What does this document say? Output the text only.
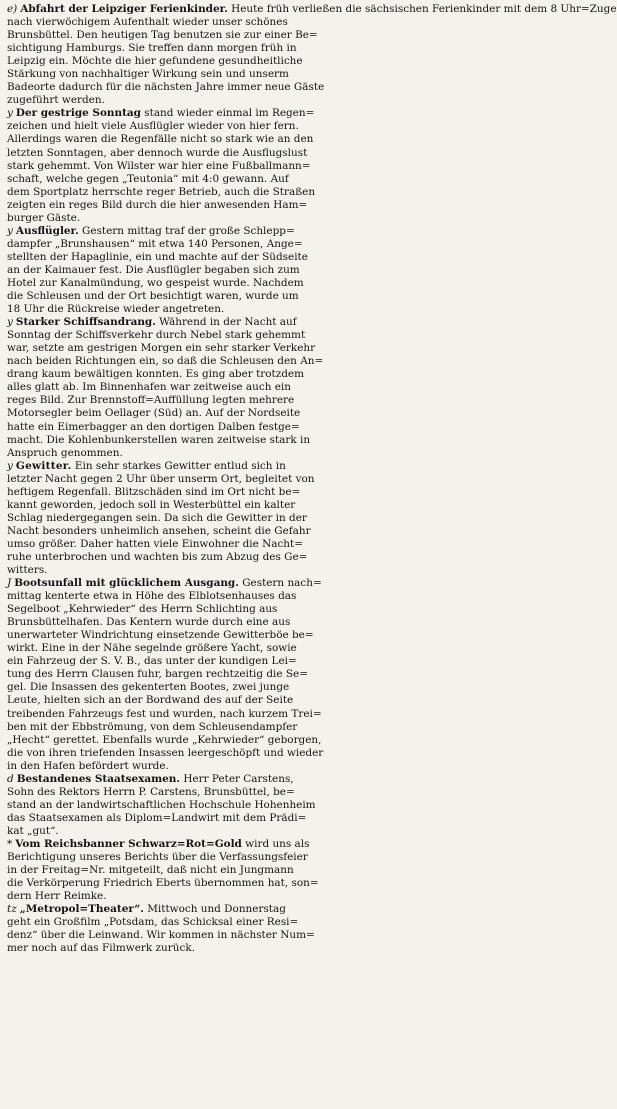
e) Abfahrt der Leipziger Ferienkinder. Heute früh verließen die sächsischen Ferienkinder mit dem 8 Uhr=Zuge
nach vierwöchigem Aufenthalt wieder unser schönes
Brunsbüttel. Den heutigen Tag benutzen sie zur einer Be=
sichtigung Hamburgs. Sie treffen dann morgen früh in
Leipzig ein. Möchte die hier gefundene gesundheitliche
Stärkung von nachhaltiger Wirkung sein und unserm
Badeorte dadurch für die nächsten Jahre immer neue Gäste
zugeführt werden.

y Der gestrige Sonntag stand wieder einmal im Regen=
zeichen und hielt viele Ausflügler wieder von hier fern.
Allerdings waren die Regenfälle nicht so stark wie an den
letzten Sonntagen, aber dennoch wurde die Ausflugslust
stark gehemmt. Von Wilster war hier eine Fußballmann=
schaft, welche gegen „Teutonia“ mit 4:0 gewann. Auf
dem Sportplatz herrschte reger Betrieb, auch die Straßen
zeigten ein reges Bild durch die hier anwesenden Ham=
burger Gäste.

y Ausflügler. Gestern mittag traf der große Schlepp=
dampfer „Brunshausen“ mit etwa 140 Personen, Ange=
stellten der Hapaglinie, ein und machte auf der Südseite
an der Kaimauer fest. Die Ausflügler begaben sich zum
Hotel zur Kanalmündung, wo gespeist wurde. Nachdem
die Schleusen und der Ort besichtigt waren, wurde um
18 Uhr die Rückreise wieder angetreten.

y Starker Schiffsandrang. Während in der Nacht auf
Sonntag der Schiffsverkehr durch Nebel stark gehemmt
war, setzte am gestrigen Morgen ein sehr starker Verkehr
nach beiden Richtungen ein, so daß die Schleusen den An=
drang kaum bewältigen konnten. Es ging aber trotzdem
alles glatt ab. Im Binnenhafen war zeitweise auch ein
reges Bild. Zur Brennstoff=Auffüllung legten mehrere
Motorsegler beim Oellager (Süd) an. Auf der Nordseite
hatte ein Eimerbagger an den dortigen Dalben festge=
macht. Die Kohlenbunkerstellen waren zeitweise stark in
Anspruch genommen.

y Gewitter. Ein sehr starkes Gewitter entlud sich in
letzter Nacht gegen 2 Uhr über unserm Ort, begleitet von
heftigem Regenfall. Blitzschäden sind im Ort nicht be=
kannt geworden, jedoch soll in Westerbüttel ein kalter
Schlag niedergegangen sein. Da sich die Gewitter in der
Nacht besonders unheimlich ansehen, scheint die Gefahr
umso größer. Daher hatten viele Einwohner die Nacht=
ruhe unterbrochen und wachten bis zum Abzug des Ge=
witters.

J Bootsunfall mit glücklichem Ausgang. Gestern nach=
mittag kenterte etwa in Höhe des Elblotsenhauses das
Segelboot „Kehrwieder“ des Herrn Schlichting aus
Brunsbüttelhafen. Das Kentern wurde durch eine aus
unerwarteter Windrichtung einsetzende Gewitterböe be=
wirkt. Eine in der Nähe segelnde größere Yacht, sowie
ein Fahrzeug der S. V. B., das unter der kundigen Lei=
tung des Herrn Clausen fuhr, bargen rechtzeitig die Se=
gel. Die Insassen des gekenterten Bootes, zwei junge
Leute, hielten sich an der Bordwand des auf der Seite
treibenden Fahrzeugs fest und wurden, nach kurzem Trei=
ben mit der Ebbströmung, von dem Schleusendampfer
„Hecht“ gerettet. Ebenfalls wurde „Kehrwieder“ geborgen,
die von ihren triefenden Insassen leergeschöpft und wieder
in den Hafen befördert wurde.

d Bestandenes Staatsexamen. Herr Peter Carstens,
Sohn des Rektors Herrn P. Carstens, Brunsbüttel, be=
stand an der landwirtschaftlichen Hochschule Hohenheim
das Staatsexamen als Diplom=Landwirt mit dem Prädi=
kat „gut“.

* Vom Reichsbanner Schwarz=Rot=Gold wird uns als
Berichtigung unseres Berichts über die Verfassungsfeier
in der Freitag=Nr. mitgeteilt, daß nicht ein Jungmann
die Verkörperung Friedrich Eberts übernommen hat, son=
dern Herr Reimke.

tz „Metropol=Theater“. Mittwoch und Donnerstag
geht ein Großfilm „Potsdam, das Schicksal einer Resi=
denz“ über die Leinwand. Wir kommen in nächster Num=
mer noch auf das Filmwerk zurück.
